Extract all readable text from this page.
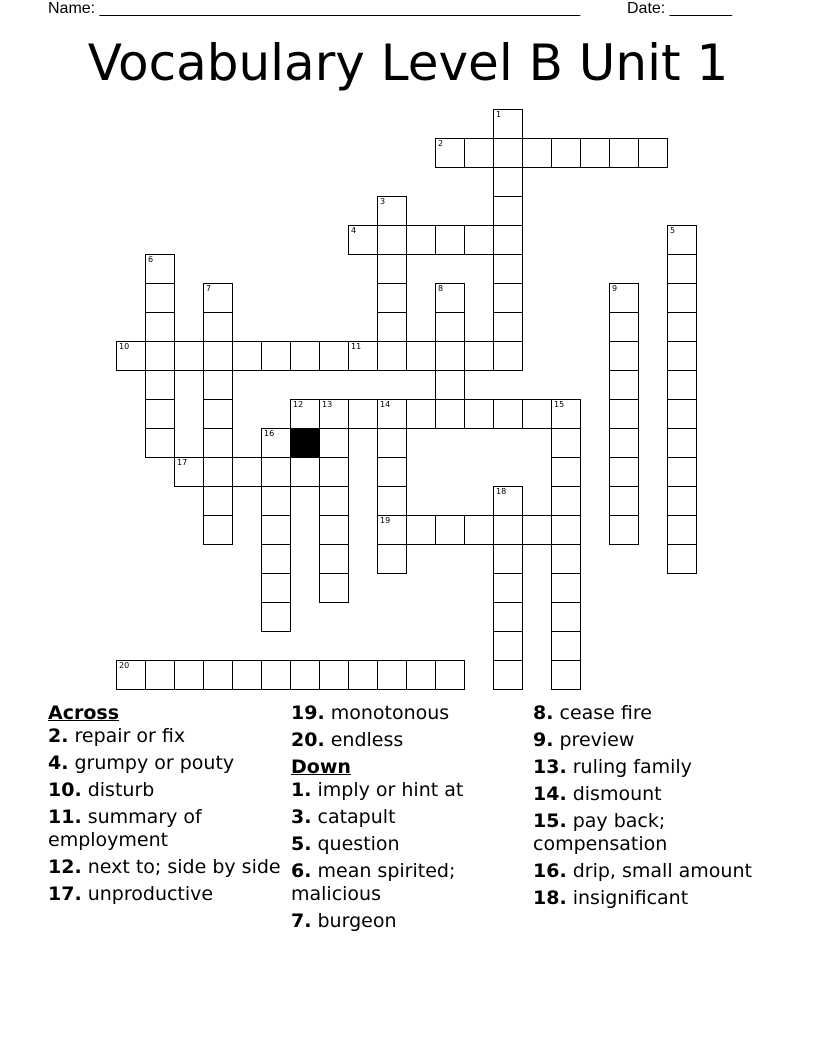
Name: ______________________________________________________	Date: _______
Vocabulary Level B Unit 1
1
2
3
4	5
6
7	8	9
10	11
12 13	14
19
15
16
17
18
20
Across
2. repair or fix
4. grumpy or pouty
10. disturb
11. summary of employment
12. next to; side by side
17. unproductive
19. monotonous
20. endless
Down
1. imply or hint at
3. catapult
5. question
6. mean spirited; malicious
7. burgeon
8. cease fire
9. preview
13. ruling family
14. dismount
15. pay back; compensation
16. drip, small amount
18. insignificant
